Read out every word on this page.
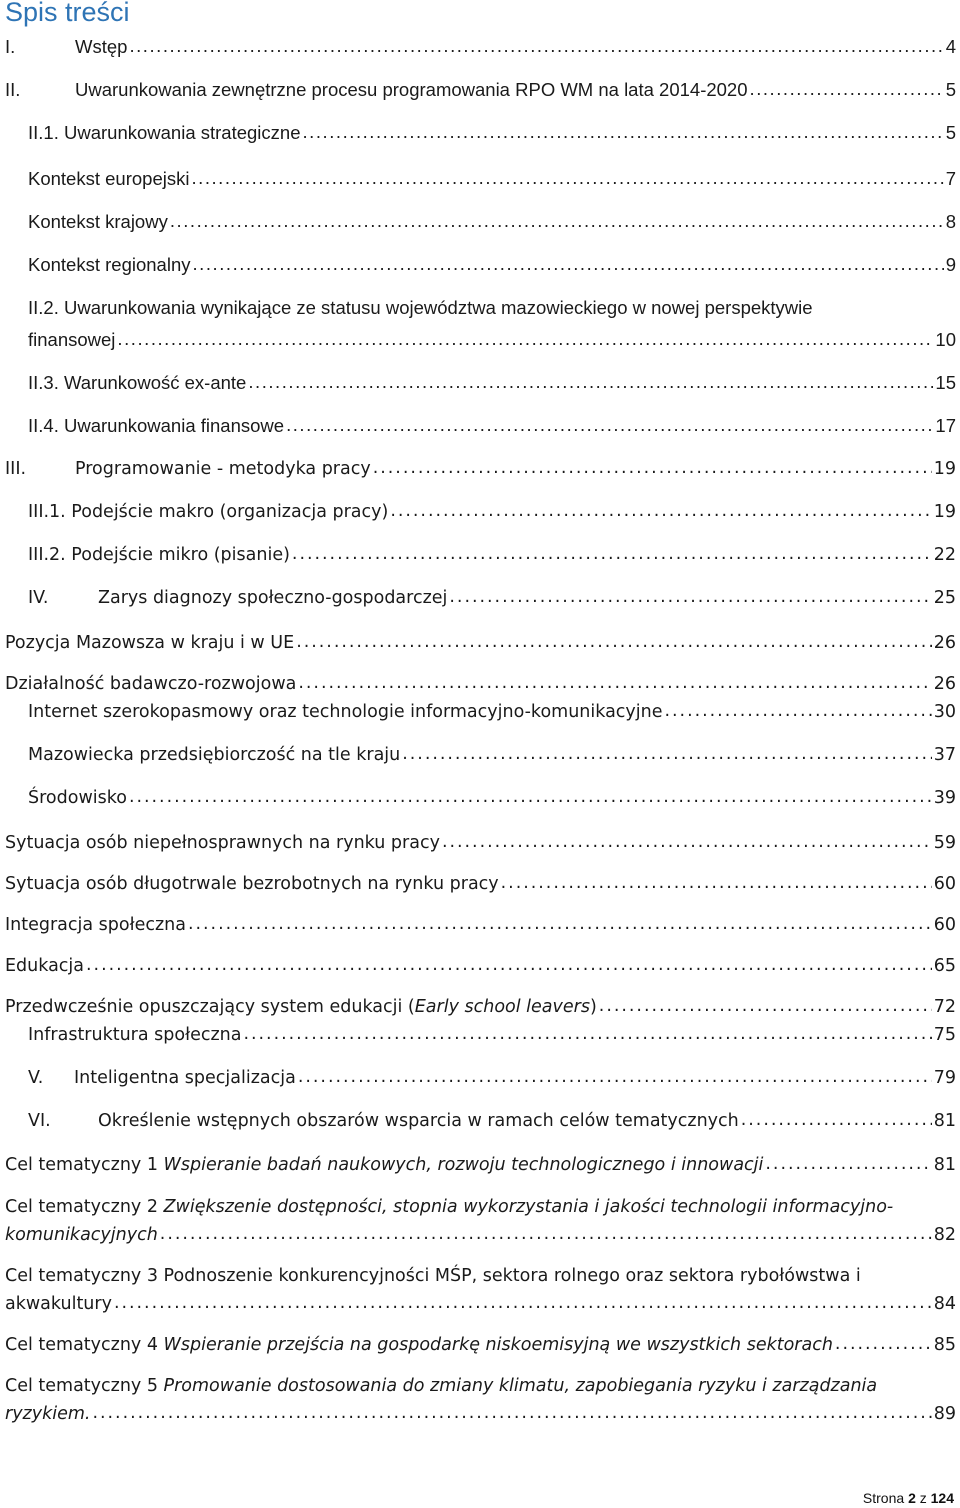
Spis treści
I.	Wstęp . . .	4
II.	Uwarunkowania zewnętrzne procesu programowania RPO WM na lata 2014-2020 . . .	5
II.1. Uwarunkowania strategiczne . . .	5
Kontekst europejski . . .	7
Kontekst krajowy . . .	8
Kontekst regionalny . . .	9
II.2. Uwarunkowania wynikające ze statusu województwa mazowieckiego w nowej perspektywie
finansowej . . .	10
II.3. Warunkowość ex-ante . . .	15
II.4. Uwarunkowania finansowe . . .	17
III.	Programowanie - metodyka pracy . . .	19
III.1. Podejście makro (organizacja pracy) . . .	19
III.2. Podejście mikro (pisanie) . . .	22
IV.	Zarys diagnozy społeczno-gospodarczej . . .	25
Pozycja Mazowsza w kraju i w UE . . .	26
Działalność badawczo-rozwojowa . . .	26
Internet szerokopasmowy oraz technologie informacyjno-komunikacyjne . . .	30
Mazowiecka przedsiębiorczość na tle kraju . . .	37
Środowisko . . .	39
Sytuacja osób niepełnosprawnych na rynku pracy . . .	59
Sytuacja osób długotrwale bezrobotnych na rynku pracy . . .	60
Integracja społeczna . . .	60
Edukacja . . .	65
Przedwcześnie opuszczający system edukacji (Early school leavers) . . .	72
Infrastruktura społeczna . . .	75
V.	Inteligentna specjalizacja . . .	79
VI.	Określenie wstępnych obszarów wsparcia w ramach celów tematycznych . . .	81
Cel tematyczny 1 Wspieranie badań naukowych, rozwoju technologicznego i innowacji . . .	81
Cel tematyczny 2 Zwiększenie dostępności, stopnia wykorzystania i jakości technologii informacyjno-
komunikacyjnych . . .	82
Cel tematyczny 3 Podnoszenie konkurencyjności MŚP, sektora rolnego oraz sektora rybołówstwa i
akwakultury . . .	84
Cel tematyczny 4 Wspieranie przejścia na gospodarkę niskoemisyjną we wszystkich sektorach . . .	85
Cel tematyczny 5 Promowanie dostosowania do zmiany klimatu, zapobiegania ryzyku i zarządzania
ryzykiem. . . .	89
Strona 2 z 124
